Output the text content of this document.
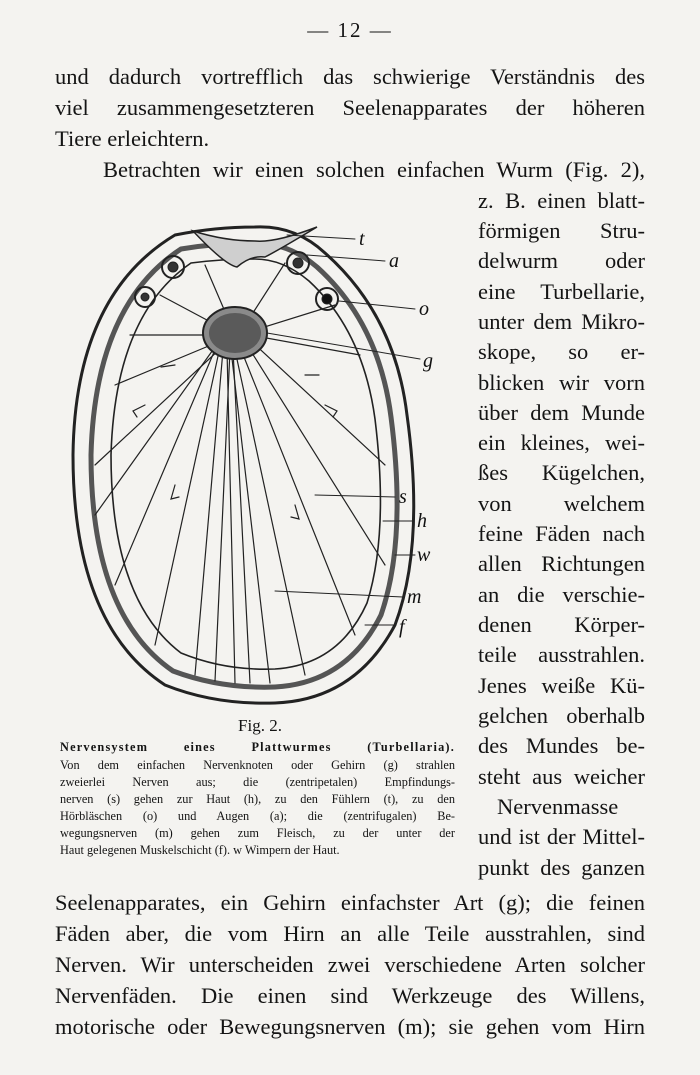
— 12 —
und dadurch vortrefflich das schwierige Verständnis des
viel zusammengesetzteren Seelenapparates der höheren
Tiere erleichtern.
Betrachten wir einen solchen einfachen Wurm (Fig. 2),
z. B. einen blatt-
förmigen Stru-
delwurm oder
eine Turbellarie,
unter dem Mikro-
skope, so er-
blicken wir vorn
über dem Munde
ein kleines, wei-
ßes Kügelchen,
von welchem
feine Fäden nach
allen Richtungen
an die verschie-
denen Körper-
teile ausstrahlen.
Jenes weiße Kü-
gelchen oberhalb
des Mundes be-
steht aus weicher
Nervenmasse
und ist der Mittel-
punkt des ganzen
t
a
o
g
s
h
w
m
f
Fig. 2.
Nervensystem eines Plattwurmes (Turbellaria).
Von dem einfachen Nervenknoten oder Gehirn (g) strahlen
zweierlei Nerven aus; die (zentripetalen) Empfindungs-
nerven (s) gehen zur Haut (h), zu den Fühlern (t), zu den
Hörbläschen (o) und Augen (a); die (zentrifugalen) Be-
wegungsnerven (m) gehen zum Fleisch, zu der unter der
Haut gelegenen Muskelschicht (f). w Wimpern der Haut.
Seelenapparates, ein Gehirn einfachster Art (g); die feinen
Fäden aber, die vom Hirn an alle Teile ausstrahlen, sind
Nerven. Wir unterscheiden zwei verschiedene Arten solcher
Nervenfäden. Die einen sind Werkzeuge des Willens,
motorische oder Bewegungsnerven (m); sie gehen vom Hirn
